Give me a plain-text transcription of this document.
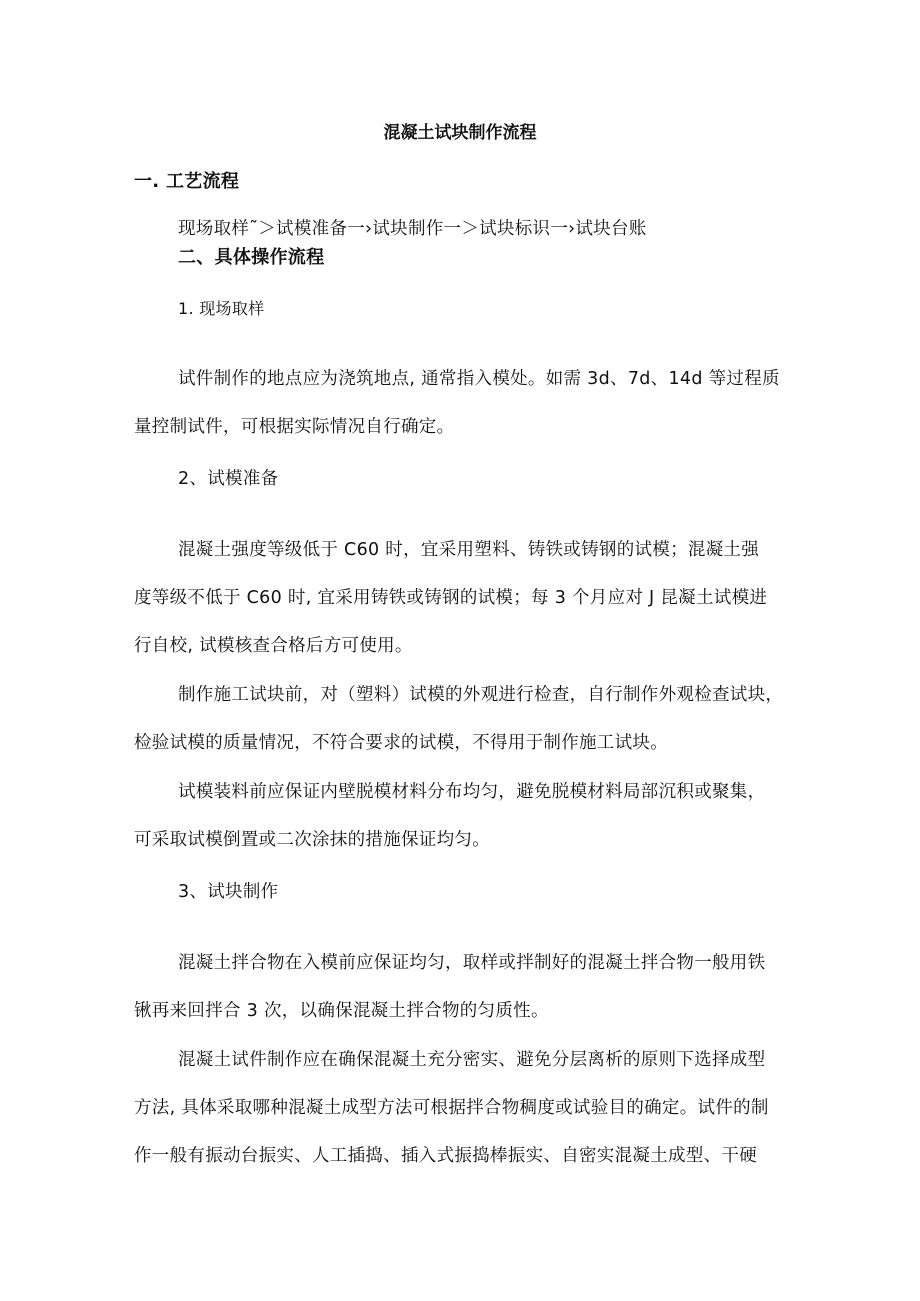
混凝土试块制作流程
一. 工艺流程
现场取样˜＞试模准备一›试块制作一＞试块标识一›试块台账
二、具体操作流程
1. 现场取样
试件制作的地点应为浇筑地点, 通常指入模处。如需 3d、7d、14d 等过程质
量控制试件，可根据实际情况自行确定。
2、试模准备
混凝土强度等级低于 C60 时，宜采用塑料、铸铁或铸钢的试模；混凝土强
度等级不低于 C60 时, 宜采用铸铁或铸钢的试模；每 3 个月应对 J 昆凝土试模进
行自校, 试模核查合格后方可使用。
制作施工试块前，对（塑料）试模的外观进行检查，自行制作外观检查试块，
检验试模的质量情况，不符合要求的试模，不得用于制作施工试块。
试模装料前应保证内壁脱模材料分布均匀，避免脱模材料局部沉积或聚集，
可采取试模倒置或二次涂抹的措施保证均匀。
3、试块制作
混凝土拌合物在入模前应保证均匀，取样或拌制好的混凝土拌合物一般用铁
锹再来回拌合 3 次，以确保混凝土拌合物的匀质性。
混凝土试件制作应在确保混凝土充分密实、避免分层离析的原则下选择成型
方法, 具体采取哪种混凝土成型方法可根据拌合物稠度或试验目的确定。试件的制
作一般有振动台振实、人工插捣、插入式振捣棒振实、自密实混凝土成型、干硬
